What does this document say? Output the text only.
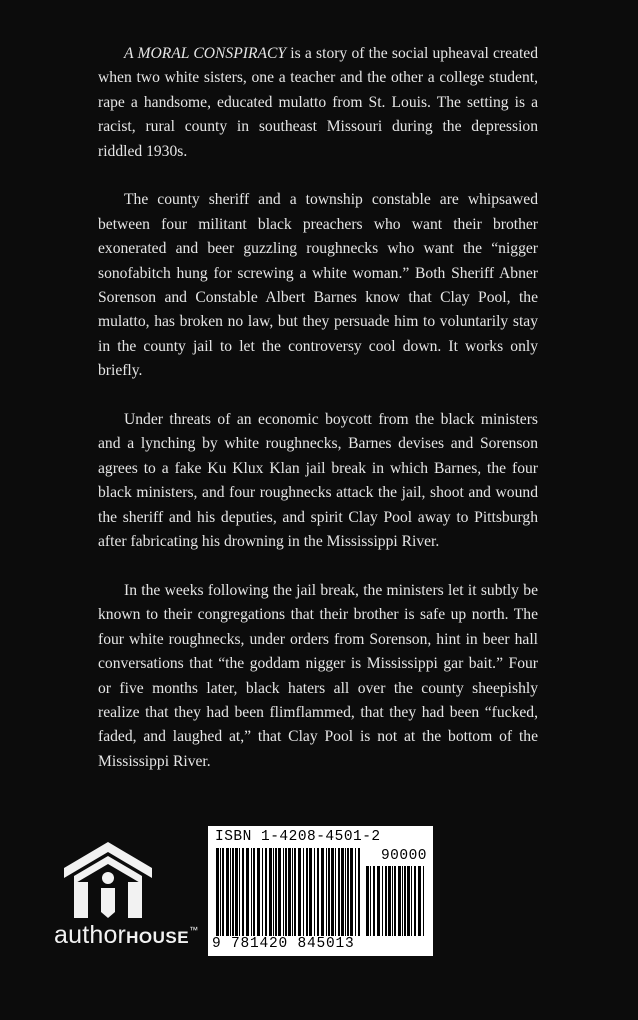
A MORAL CONSPIRACY is a story of the social upheaval created when two white sisters, one a teacher and the other a college student, rape a handsome, educated mulatto from St. Louis. The setting is a racist, rural county in southeast Missouri during the depression riddled 1930s.

The county sheriff and a township constable are whipsawed between four militant black preachers who want their brother exonerated and beer guzzling roughnecks who want the “nigger sonofabitch hung for screwing a white woman.” Both Sheriff Abner Sorenson and Constable Albert Barnes know that Clay Pool, the mulatto, has broken no law, but they persuade him to voluntarily stay in the county jail to let the controversy cool down. It works only briefly.

Under threats of an economic boycott from the black ministers and a lynching by white roughnecks, Barnes devises and Sorenson agrees to a fake Ku Klux Klan jail break in which Barnes, the four black ministers, and four roughnecks attack the jail, shoot and wound the sheriff and his deputies, and spirit Clay Pool away to Pittsburgh after fabricating his drowning in the Mississippi River.

In the weeks following the jail break, the ministers let it subtly be known to their congregations that their brother is safe up north. The four white roughnecks, under orders from Sorenson, hint in beer hall conversations that “the goddam nigger is Mississippi gar bait.” Four or five months later, black haters all over the county sheepishly realize that they had been flimflammed, that they had been “fucked, faded, and laughed at,” that Clay Pool is not at the bottom of the Mississippi River.

authorHOUSE™
ISBN 1-4208-4501-2
90000
9 781420 845013
